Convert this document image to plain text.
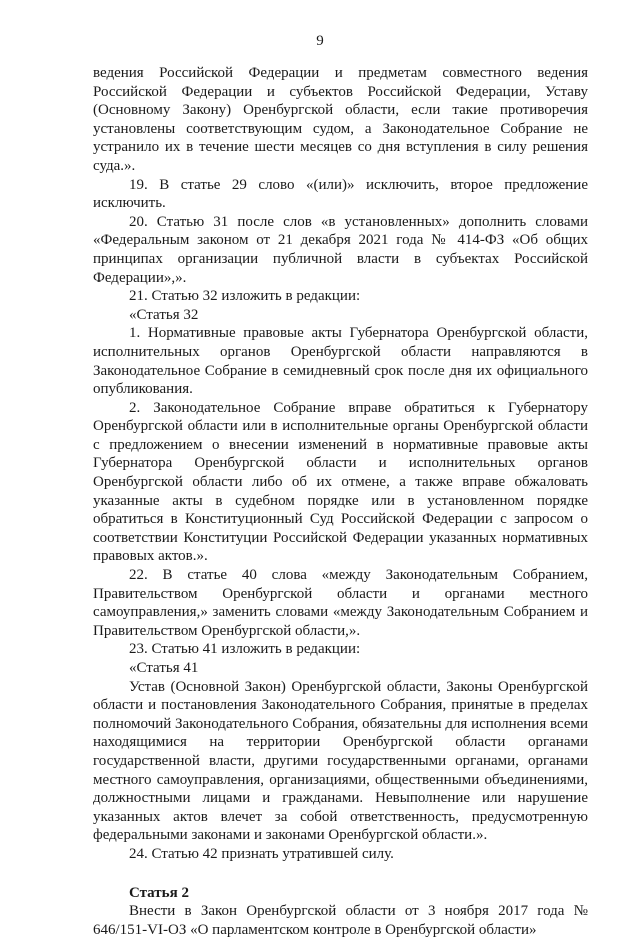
9

ведения Российской Федерации и предметам совместного ведения Российской Федерации и субъектов Российской Федерации, Уставу (Основному Закону) Оренбургской области, если такие противоречия установлены соответствующим судом, а Законодательное Собрание не устранило их в течение шести месяцев со дня вступления в силу решения суда.».

19. В статье 29 слово «(или)» исключить, второе предложение исключить.

20. Статью 31 после слов «в установленных» дополнить словами «Федеральным законом от 21 декабря 2021 года № 414-ФЗ «Об общих принципах организации публичной власти в субъектах Российской Федерации»,».

21. Статью 32 изложить в редакции:

«Статья 32

1. Нормативные правовые акты Губернатора Оренбургской области, исполнительных органов Оренбургской области направляются в Законодательное Собрание в семидневный срок после дня их официального опубликования.

2. Законодательное Собрание вправе обратиться к Губернатору Оренбургской области или в исполнительные органы Оренбургской области с предложением о внесении изменений в нормативные правовые акты Губернатора Оренбургской области и исполнительных органов Оренбургской области либо об их отмене, а также вправе обжаловать указанные акты в судебном порядке или в установленном порядке обратиться в Конституционный Суд Российской Федерации с запросом о соответствии Конституции Российской Федерации указанных нормативных правовых актов.».

22. В статье 40 слова «между Законодательным Собранием, Правительством Оренбургской области и органами местного самоуправления,» заменить словами «между Законодательным Собранием и Правительством Оренбургской области,».

23. Статью 41 изложить в редакции:

«Статья 41

Устав (Основной Закон) Оренбургской области, Законы Оренбургской области и постановления Законодательного Собрания, принятые в пределах полномочий Законодательного Собрания, обязательны для исполнения всеми находящимися на территории Оренбургской области органами государственной власти, другими государственными органами, органами местного самоуправления, организациями, общественными объединениями, должностными лицами и гражданами. Невыполнение или нарушение указанных актов влечет за собой ответственность, предусмотренную федеральными законами и законами Оренбургской области.».

24. Статью 42 признать утратившей силу.

Статья 2

Внести в Закон Оренбургской области от 3 ноября 2017 года № 646/151-VI-ОЗ «О парламентском контроле в Оренбургской области»
